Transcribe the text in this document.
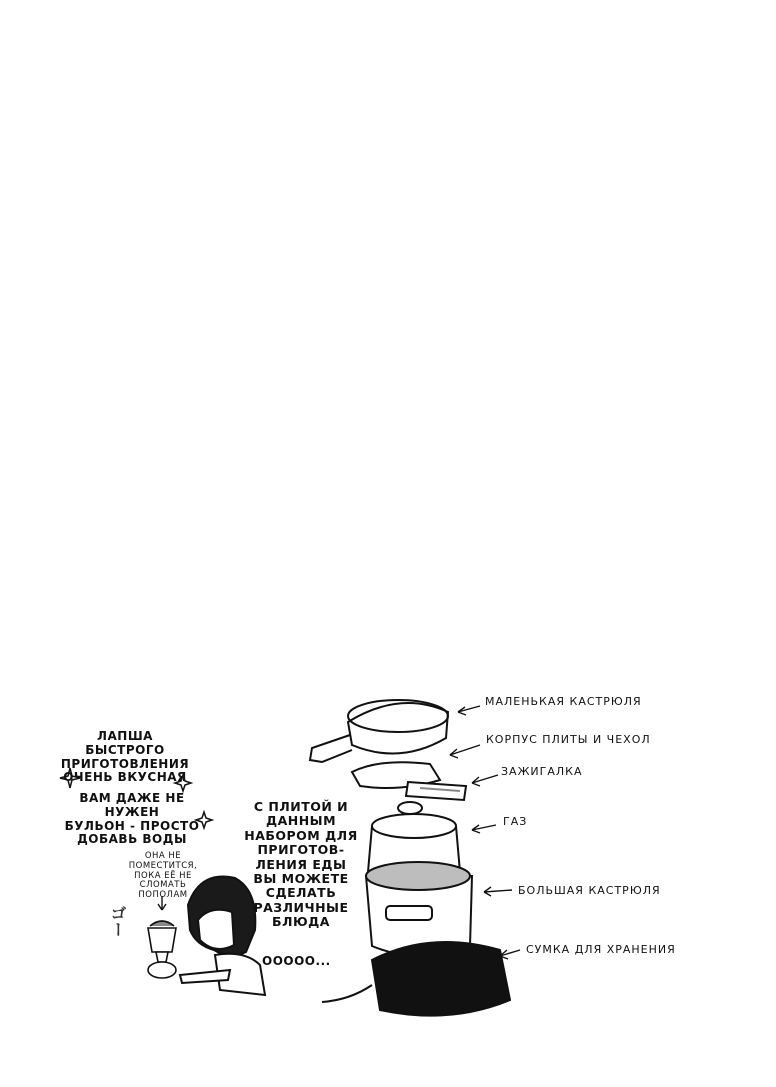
ЛАПША
БЫСТРОГО
ПРИГОТОВЛЕНИЯ
ОЧЕНЬ ВКУСНАЯ
ВАМ ДАЖЕ НЕ НУЖЕН
БУЛЬОН - ПРОСТО
ДОБАВЬ ВОДЫ
ОНА НЕ
ПОМЕСТИТСЯ,
ПОКА ЕЁ НЕ
СЛОМАТЬ
ПОПОЛАМ
ゴー
С ПЛИТОЙ И
ДАННЫМ
НАБОРОМ ДЛЯ
ПРИГОТОВ-
ЛЕНИЯ ЕДЫ
ВЫ МОЖЕТЕ
СДЕЛАТЬ
РАЗЛИЧНЫЕ
БЛЮДА
ООООО...
МАЛЕНЬКАЯ КАСТРЮЛЯ
КОРПУС ПЛИТЫ И ЧЕХОЛ
ЗАЖИГАЛКА
ГАЗ
БОЛЬШАЯ КАСТРЮЛЯ
СУМКА ДЛЯ ХРАНЕНИЯ
